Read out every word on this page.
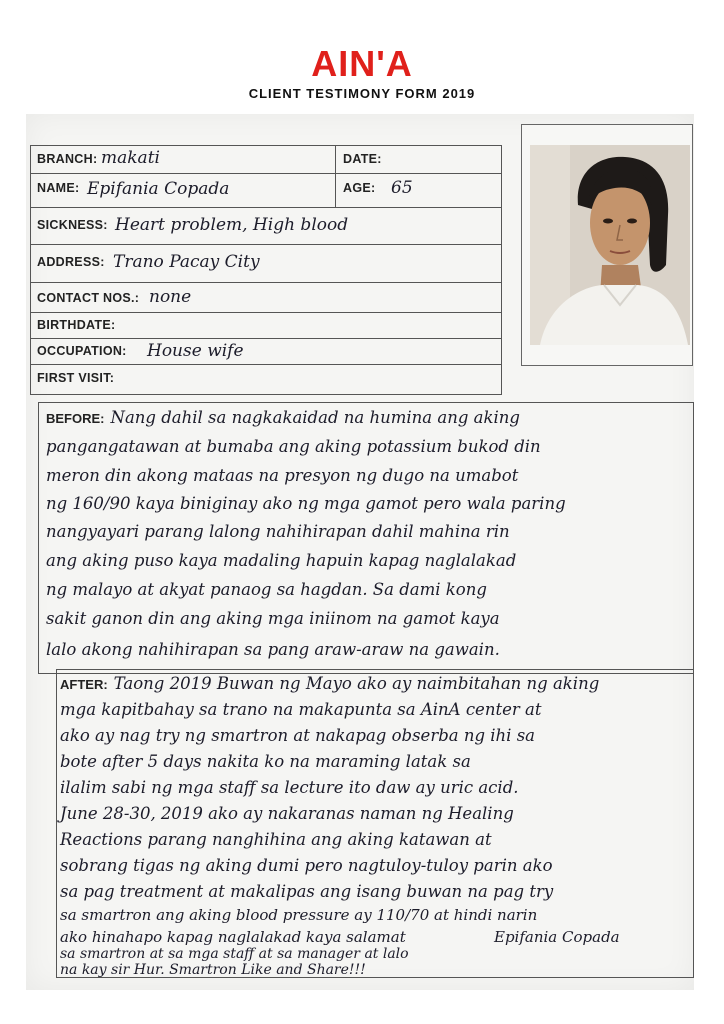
AIN'A
CLIENT TESTIMONY FORM 2019
BRANCH: makati	DATE:
NAME: Epifania Copada	AGE: 65
SICKNESS: Heart problem, High blood
ADDRESS: Trano Pacay City
CONTACT NOS.: none
BIRTHDATE:
OCCUPATION: House wife
FIRST VISIT:
BEFORE: Nang dahil sa nagkakaidad na humina ang aking
pangangatawan at bumaba ang aking potassium bukod din
meron din akong mataas na presyon ng dugo na umabot
ng 160/90 kaya biniginay ako ng mga gamot pero wala paring
nangyayari parang lalong nahihirapan dahil mahina rin
ang aking puso kaya madaling hapuin kapag naglalakad
ng malayo at akyat panaog sa hagdan. Sa dami kong
sakit ganon din ang aking mga iniinom na gamot kaya
lalo akong nahihirapan sa pang araw-araw na gawain.
AFTER: Taong 2019 Buwan ng Mayo ako ay naimbitahan ng aking
mga kapitbahay sa trano na makapunta sa AinA center at
ako ay nag try ng smartron at nakapag obserba ng ihi sa
bote after 5 days nakita ko na maraming latak sa
ilalim sabi ng mga staff sa lecture ito daw ay uric acid.
June 28-30, 2019 ako ay nakaranas naman ng Healing
Reactions parang nanghihina ang aking katawan at
sobrang tigas ng aking dumi pero nagtuloy-tuloy parin ako
sa pag treatment at makalipas ang isang buwan na pag try
sa smartron ang aking blood pressure ay 110/70 at hindi narin
ako hinahapo kapag naglalakad kaya salamat	Epifania Copada
sa smartron at sa mga staff at sa manager at lalo
na kay sir Hur. Smartron Like and Share!!!
